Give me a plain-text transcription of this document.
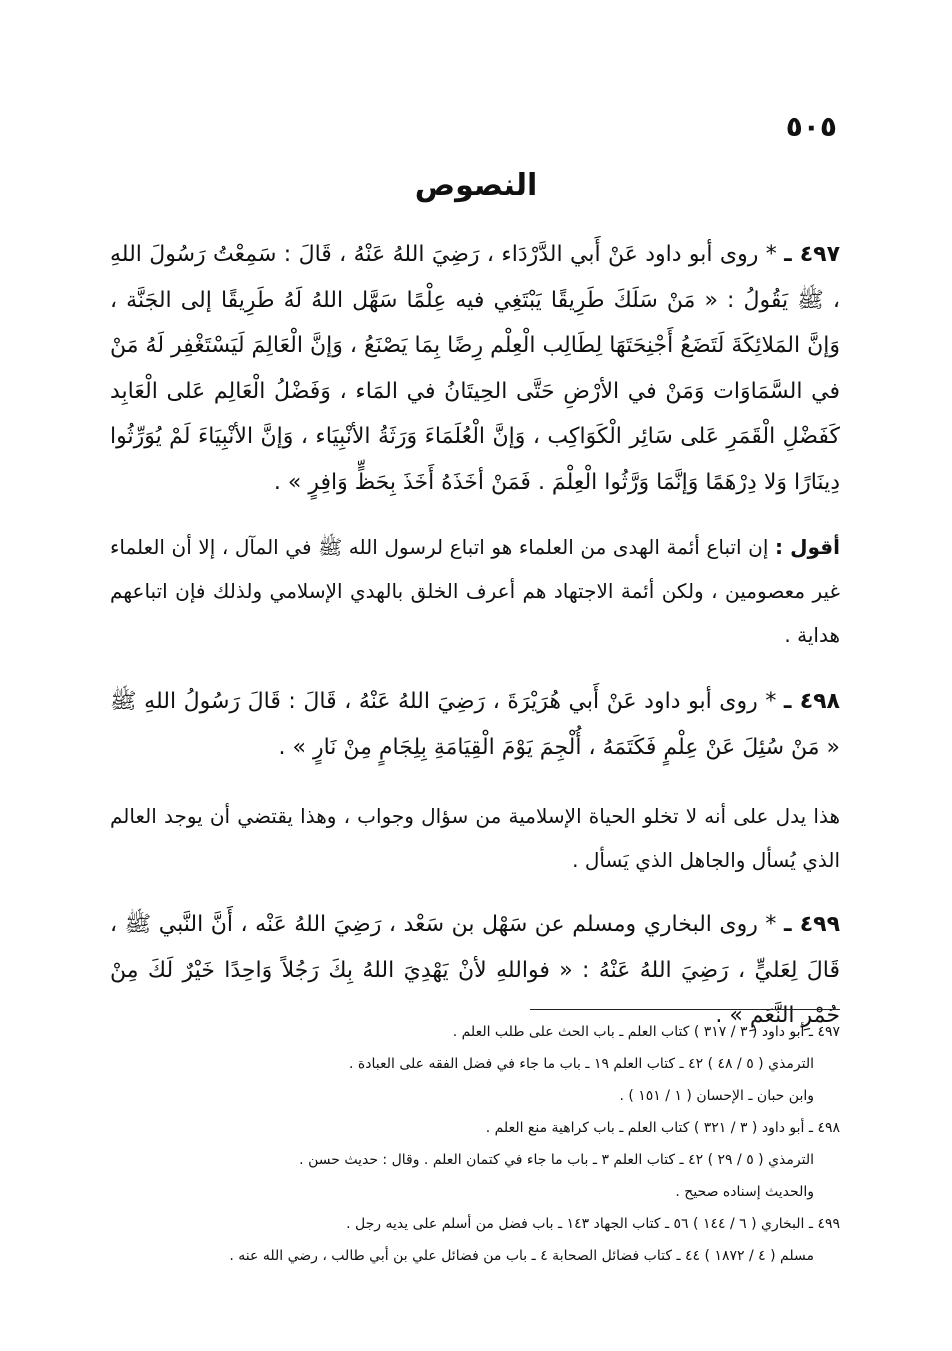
٥٠٥
النصوص

٤٩٧ ـ * روى أبو داود عَنْ أَبي الدَّرْدَاء ، رَضِيَ اللهُ عَنْهُ ، قَالَ : سَمِعْتُ رَسُولَ اللهِ ، ﷺ يَقُولُ : « مَنْ سَلَكَ طَرِيقًا يَبْتَغِي فيه عِلْمًا سَهَّل اللهُ لَهُ طَرِيقًا إلى الجَنَّة ، وَإنَّ المَلائِكَةَ لَتَضَعُ أَجْنِحَتَهَا لِطَالِب الْعِلْم رِضًا بِمَا يَصْنَعُ ، وَإنَّ الْعَالِمَ لَيَسْتَغْفِر لَهُ مَنْ في السَّمَاوَات وَمَنْ في الأرْضِ حَتَّى الحِيتَانُ في المَاء ، وَفَضْلُ الْعَالِم عَلى الْعَابِد كَفَضْلِ الْقَمَرِ عَلى سَائِر الْكَوَاكِب ، وَإنَّ الْعُلَمَاءَ وَرَثَةُ الأنْبِيَاء ، وَإنَّ الأنْبِيَاءَ لَمْ يُوَرِّثُوا دِينَارًا وَلا دِرْهَمًا وَإنَّمَا وَرَّثُوا الْعِلْمَ . فَمَنْ أخَذَهُ أَخَذَ بِحَظٍّ وَافِرٍ » .

أقول : إن اتباع أئمة الهدى من العلماء هو اتباع لرسول الله ﷺ في المآل ، إلا أن العلماء غير معصومين ، ولكن أئمة الاجتهاد هم أعرف الخلق بالهدي الإسلامي ولذلك فإن اتباعهم هداية .

٤٩٨ ـ * روى أبو داود عَنْ أَبي هُرَيْرَةَ ، رَضِيَ اللهُ عَنْهُ ، قَالَ : قَالَ رَسُولُ اللهِ ﷺ « مَنْ سُئِلَ عَنْ عِلْمٍ فَكَتَمَهُ ، أُلْجِمَ يَوْمَ الْقِيَامَةِ بِلِجَامٍ مِنْ نَارٍ » .

هذا يدل على أنه لا تخلو الحياة الإسلامية من سؤال وجواب ، وهذا يقتضي أن يوجد العالم الذي يُسأل والجاهل الذي يَسأل .

٤٩٩ ـ * روى البخاري ومسلم عن سَهْل بن سَعْد ، رَضِيَ اللهُ عَنْه ، أَنَّ النَّبي ﷺ ، قَالَ لِعَليٍّ ، رَضِيَ اللهُ عَنْهُ : « فواللهِ لأنْ يَهْدِيَ اللهُ بِكَ رَجُلاً وَاحِدًا خَيْرٌ لَكَ مِنْ حُمْرِ النَّعَمِ » .

٤٩٧ ـ أبو داود ( ٣ / ٣١٧ ) كتاب العلم ـ باب الحث على طلب العلم .
الترمذي ( ٥ / ٤٨ ) ٤٢ ـ كتاب العلم ١٩ ـ باب ما جاء في فضل الفقه على العبادة .
وابن حبان ـ الإحسان ( ١ / ١٥١ ) .
٤٩٨ ـ أبو داود ( ٣ / ٣٢١ ) كتاب العلم ـ باب كراهية منع العلم .
الترمذي ( ٥ / ٢٩ ) ٤٢ ـ كتاب العلم ٣ ـ باب ما جاء في كتمان العلم . وقال : حديث حسن .
والحديث إسناده صحيح .
٤٩٩ ـ البخاري ( ٦ / ١٤٤ ) ٥٦ ـ كتاب الجهاد ١٤٣ ـ باب فضل من أسلم على يديه رجل .
مسلم ( ٤ / ١٨٧٢ ) ٤٤ ـ كتاب فضائل الصحابة ٤ ـ باب من فضائل علي بن أبي طالب ، رضي الله عنه .
